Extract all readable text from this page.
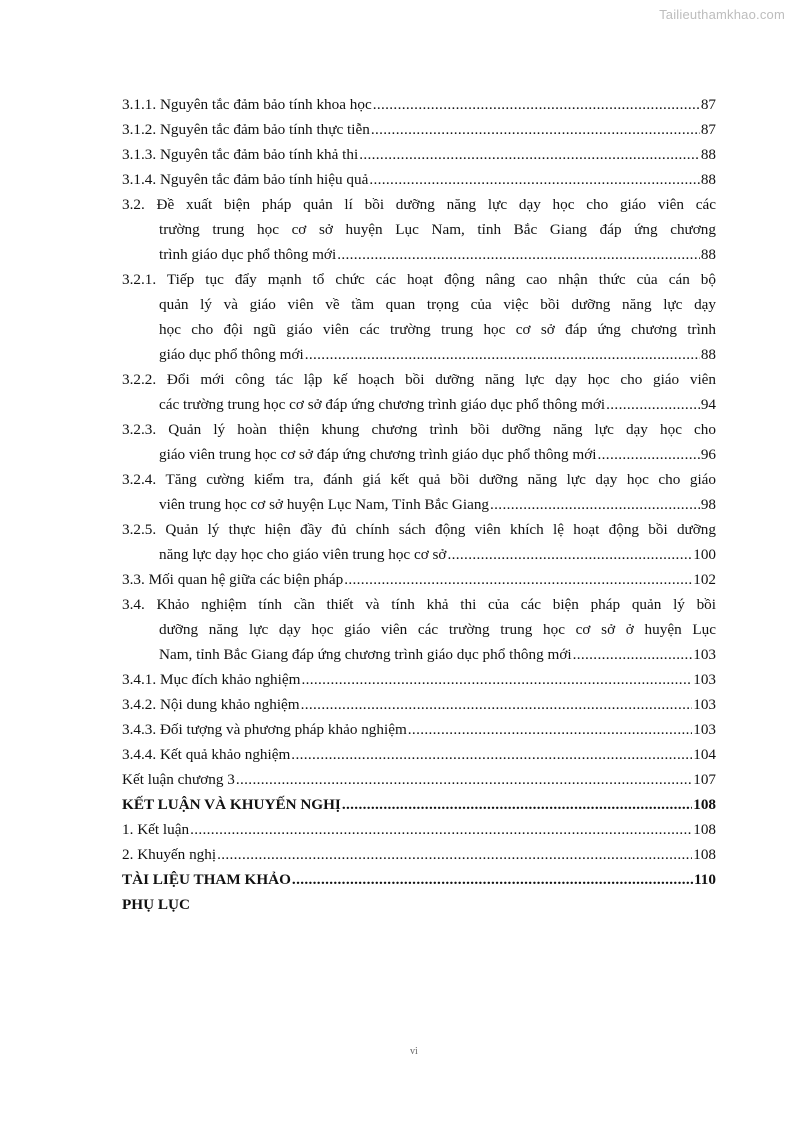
Tailieuthamkhao.com
3.1.1. Nguyên tắc đảm bảo tính khoa học .....	87
3.1.2. Nguyên tắc đảm bảo tính thực tiễn .....	87
3.1.3. Nguyên tắc đảm bảo tính khả thi .....	88
3.1.4. Nguyên tắc đảm bảo tính hiệu quả .....	88
3.2. Đề xuất biện pháp quản lí bồi dưỡng năng lực dạy học cho giáo viên các
trường trung học cơ sở huyện Lục Nam, tỉnh Bắc Giang đáp ứng chương
trình giáo dục phổ thông mới .....	88
3.2.1. Tiếp tục đẩy mạnh tổ chức các hoạt động nâng cao nhận thức của cán bộ
quản lý và giáo viên về tầm quan trọng của việc bồi dưỡng năng lực dạy
học cho đội ngũ giáo viên các trường trung học cơ sở đáp ứng chương trình
giáo dục phổ thông mới .....	88
3.2.2. Đổi mới công tác lập kế hoạch bồi dưỡng năng lực dạy học cho giáo viên
các trường trung học cơ sở đáp ứng chương trình giáo dục phổ thông mới .....	94
3.2.3. Quản lý hoàn thiện khung chương trình bồi dưỡng năng lực dạy học cho
giáo viên trung học cơ sở đáp ứng chương trình giáo dục phổ thông mới .....	96
3.2.4. Tăng cường kiểm tra, đánh giá kết quả bồi dưỡng năng lực dạy học cho giáo
viên trung học cơ sở huyện Lục Nam, Tỉnh Bắc Giang .....	98
3.2.5. Quản lý thực hiện đầy đủ chính sách động viên khích lệ hoạt động bồi dưỡng
năng lực dạy học cho giáo viên trung học cơ sở .....	100
3.3. Mối quan hệ giữa các biện pháp .....	102
3.4. Khảo nghiệm tính cần thiết và tính khả thi của các biện pháp quản lý bồi
dưỡng năng lực dạy học giáo viên các trường trung học cơ sở ở huyện Lục
Nam, tỉnh Bắc Giang đáp ứng chương trình giáo dục phổ thông mới .....	103
3.4.1. Mục đích khảo nghiệm .....	103
3.4.2. Nội dung khảo nghiệm .....	103
3.4.3. Đối tượng và phương pháp khảo nghiệm .....	103
3.4.4. Kết quả khảo nghiệm .....	104
Kết luận chương 3 .....	107
KẾT LUẬN VÀ KHUYẾN NGHỊ .....	108
1. Kết luận .....	108
2. Khuyến nghị .....	108
TÀI LIỆU THAM KHẢO .....	110
PHỤ LỤC
vi
